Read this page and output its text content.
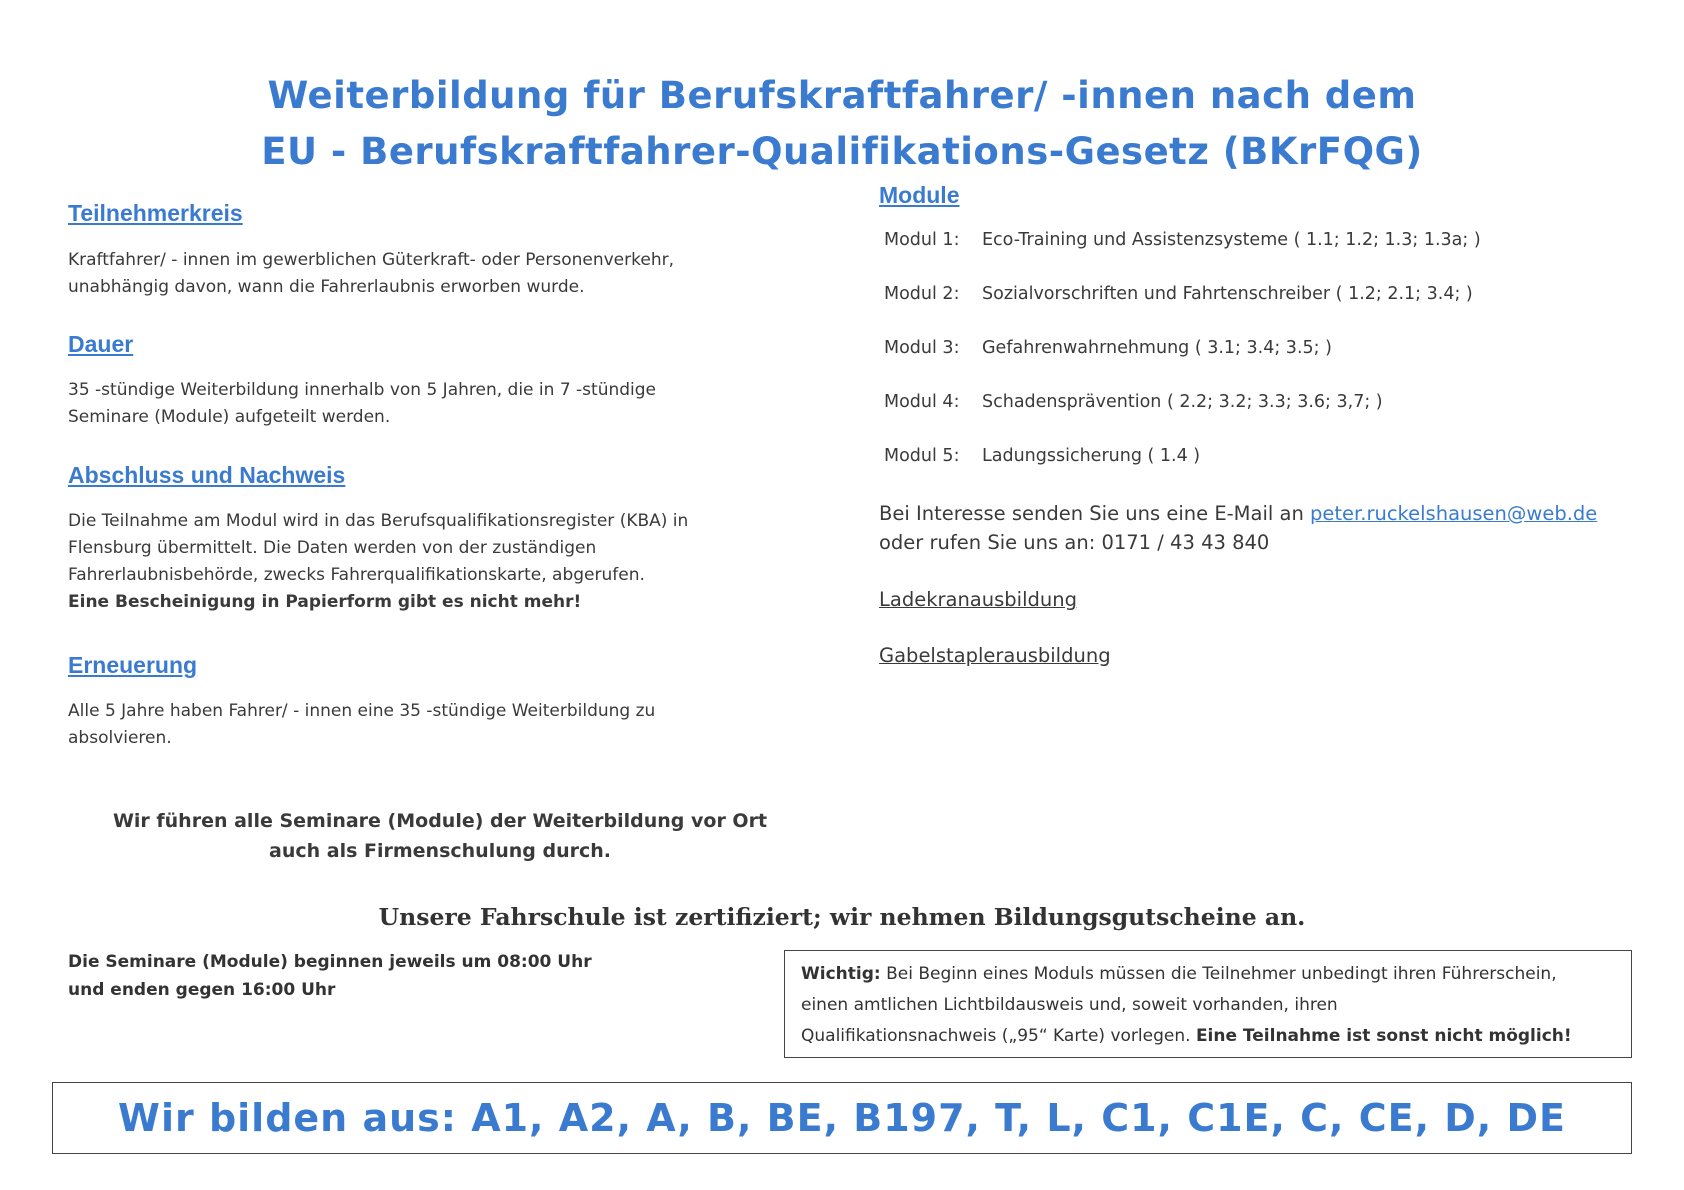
Weiterbildung für Berufskraftfahrer/ -innen nach dem
EU - Berufskraftfahrer-Qualifikations-Gesetz (BKrFQG)
Teilnehmerkreis
Kraftfahrer/ - innen im gewerblichen Güterkraft- oder Personenverkehr,
unabhängig davon, wann die Fahrerlaubnis erworben wurde.
Dauer
35 -stündige Weiterbildung innerhalb von 5 Jahren, die in 7 -stündige
Seminare (Module) aufgeteilt werden.
Abschluss und Nachweis
Die Teilnahme am Modul wird in das Berufsqualifikationsregister (KBA) in
Flensburg übermittelt. Die Daten werden von der zuständigen
Fahrerlaubnisbehörde, zwecks Fahrerqualifikationskarte, abgerufen.
Eine Bescheinigung in Papierform gibt es nicht mehr!
Erneuerung
Alle 5 Jahre haben Fahrer/ - innen eine 35 -stündige Weiterbildung zu
absolvieren.
Wir führen alle Seminare (Module) der Weiterbildung vor Ort
auch als Firmenschulung durch.
Module
Modul 1: Eco-Training und Assistenzsysteme ( 1.1; 1.2; 1.3; 1.3a; )
Modul 2: Sozialvorschriften und Fahrtenschreiber ( 1.2; 2.1; 3.4; )
Modul 3: Gefahrenwahrnehmung ( 3.1; 3.4; 3.5; )
Modul 4: Schadensprävention ( 2.2; 3.2; 3.3; 3.6; 3,7; )
Modul 5: Ladungssicherung ( 1.4 )
Bei Interesse senden Sie uns eine E-Mail an peter.ruckelshausen@web.de
oder rufen Sie uns an: 0171 / 43 43 840
Ladekranausbildung
Gabelstaplerausbildung
Unsere Fahrschule ist zertifiziert; wir nehmen Bildungsgutscheine an.
Die Seminare (Module) beginnen jeweils um 08:00 Uhr
und enden gegen 16:00 Uhr
Wichtig: Bei Beginn eines Moduls müssen die Teilnehmer unbedingt ihren Führerschein,
einen amtlichen Lichtbildausweis und, soweit vorhanden, ihren
Qualifikationsnachweis („95“ Karte) vorlegen. Eine Teilnahme ist sonst nicht möglich!
Wir bilden aus: A1, A2, A, B, BE, B197, T, L, C1, C1E, C, CE, D, DE
